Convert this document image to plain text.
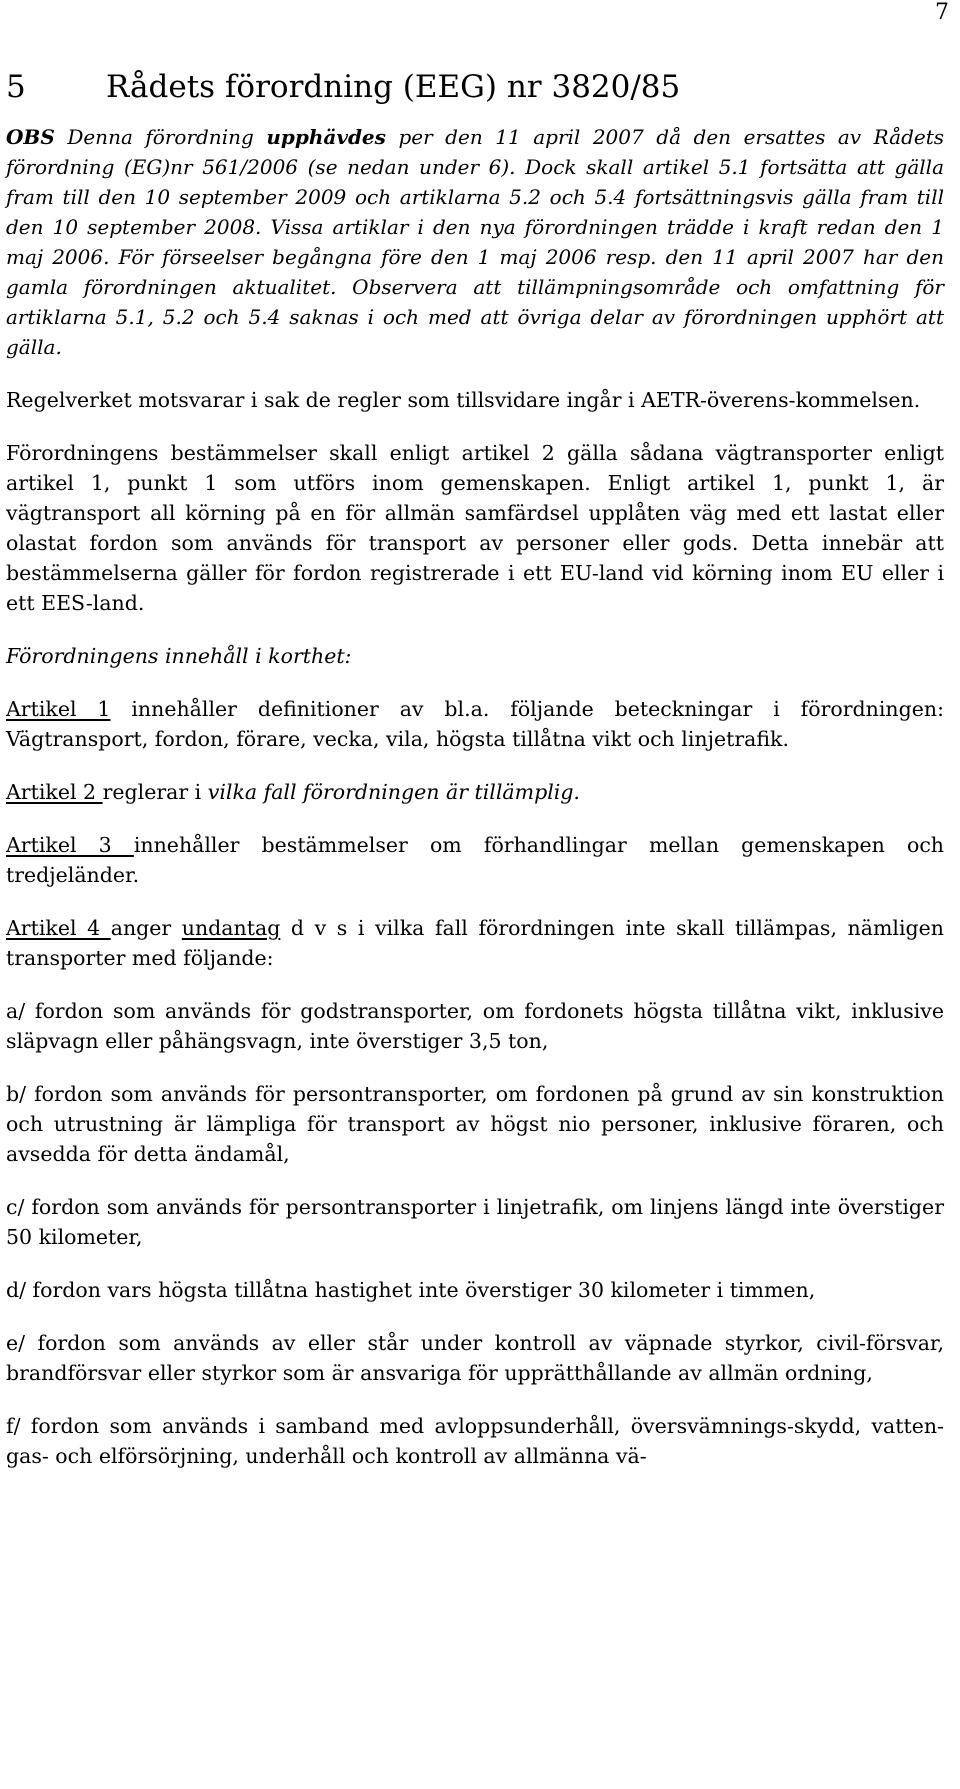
7
5	Rådets förordning (EEG) nr 3820/85

OBS Denna förordning upphävdes per den 11 april 2007 då den ersattes av Rådets förordning (EG)nr 561/2006 (se nedan under 6). Dock skall artikel 5.1 fortsätta att gälla fram till den 10 september 2009 och artiklarna 5.2 och 5.4 fortsättningsvis gälla fram till den 10 september 2008. Vissa artiklar i den nya förordningen trädde i kraft redan den 1 maj 2006. För förseelser begångna före den 1 maj 2006 resp. den 11 april 2007 har den gamla förordningen aktualitet. Observera att tillämpningsområde och omfattning för artiklarna 5.1, 5.2 och 5.4 saknas i och med att övriga delar av förordningen upphört att gälla.

Regelverket motsvarar i sak de regler som tillsvidare ingår i AETR-överens-kommelsen.

Förordningens bestämmelser skall enligt artikel 2 gälla sådana vägtransporter enligt artikel 1, punkt 1 som utförs inom gemenskapen. Enligt artikel 1, punkt 1, är vägtransport all körning på en för allmän samfärdsel upplåten väg med ett lastat eller olastat fordon som används för transport av personer eller gods. Detta innebär att bestämmelserna gäller för fordon registrerade i ett EU-land vid körning inom EU eller i ett EES-land.

Förordningens innehåll i korthet:

Artikel 1 innehåller definitioner av bl.a. följande beteckningar i förordningen: Vägtransport, fordon, förare, vecka, vila, högsta tillåtna vikt och linjetrafik.

Artikel 2 reglerar i vilka fall förordningen är tillämplig.

Artikel 3 innehåller bestämmelser om förhandlingar mellan gemenskapen och tredjeländer.

Artikel 4 anger undantag d v s i vilka fall förordningen inte skall tillämpas, nämligen transporter med följande:

a/ fordon som används för godstransporter, om fordonets högsta tillåtna vikt, inklusive släpvagn eller påhängsvagn, inte överstiger 3,5 ton,

b/ fordon som används för persontransporter, om fordonen på grund av sin konstruktion och utrustning är lämpliga för transport av högst nio personer, inklusive föraren, och avsedda för detta ändamål,

c/ fordon som används för persontransporter i linjetrafik, om linjens längd inte överstiger 50 kilometer,

d/ fordon vars högsta tillåtna hastighet inte överstiger 30 kilometer i timmen,

e/ fordon som används av eller står under kontroll av väpnade styrkor, civil-försvar, brandförsvar eller styrkor som är ansvariga för upprätthållande av allmän ordning,

f/ fordon som används i samband med avloppsunderhåll, översvämnings-skydd, vatten- gas- och elförsörjning, underhåll och kontroll av allmänna vä-
